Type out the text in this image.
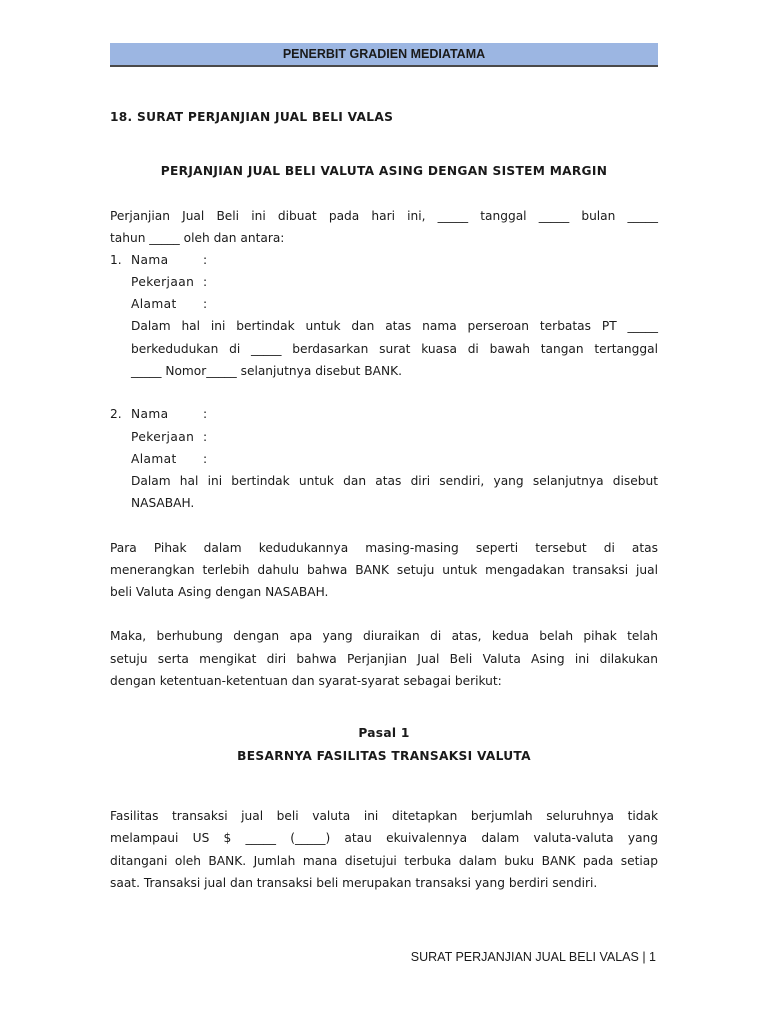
PENERBIT GRADIEN MEDIATAMA
18. SURAT PERJANJIAN JUAL BELI VALAS
PERJANJIAN JUAL BELI VALUTA ASING DENGAN SISTEM MARGIN
Perjanjian Jual Beli ini dibuat pada hari ini, _____ tanggal _____ bulan _____
tahun _____ oleh dan antara:
1. Nama	:
Pekerjaan :
Alamat :
Dalam hal ini bertindak untuk dan atas nama perseroan terbatas PT _____
berkedudukan di _____ berdasarkan surat kuasa di bawah tangan tertanggal
_____ Nomor_____ selanjutnya disebut BANK.
2. Nama	:
Pekerjaan :
Alamat :
Dalam hal ini bertindak untuk dan atas diri sendiri, yang selanjutnya disebut
NASABAH.
Para Pihak dalam kedudukannya masing-masing seperti tersebut di atas
menerangkan terlebih dahulu bahwa BANK setuju untuk mengadakan transaksi jual
beli Valuta Asing dengan NASABAH.
Maka, berhubung dengan apa yang diuraikan di atas, kedua belah pihak telah
setuju serta mengikat diri bahwa Perjanjian Jual Beli Valuta Asing ini dilakukan
dengan ketentuan-ketentuan dan syarat-syarat sebagai berikut:
Pasal 1
BESARNYA FASILITAS TRANSAKSI VALUTA
Fasilitas transaksi jual beli valuta ini ditetapkan berjumlah seluruhnya tidak
melampaui US $ _____ (_____) atau ekuivalennya dalam valuta-valuta yang
ditangani oleh BANK. Jumlah mana disetujui terbuka dalam buku BANK pada setiap
saat. Transaksi jual dan transaksi beli merupakan transaksi yang berdiri sendiri.
SURAT PERJANJIAN JUAL BELI VALAS | 1
